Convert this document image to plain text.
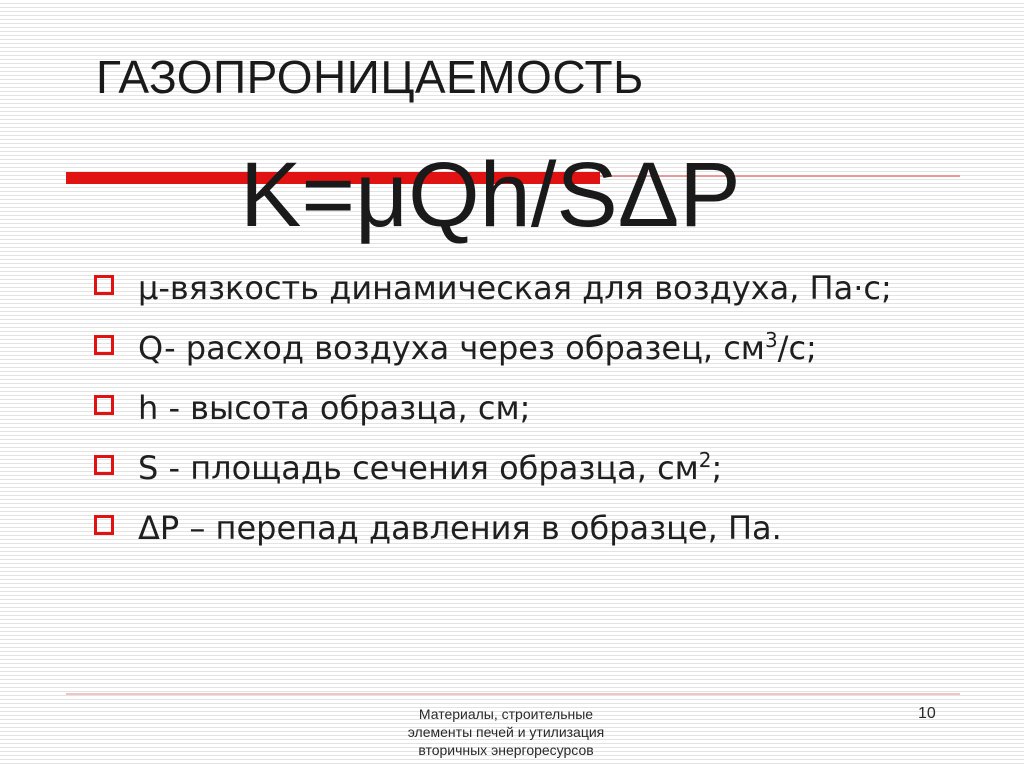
ГАЗОПРОНИЦАЕМОСТЬ
K=μQh/SΔP
μ-вязкость динамическая для воздуха, Па·с;
Q- расход воздуха через образец, $см^3/с$;
h - высота образца, см;
S - площадь сечения образца, $см^2$;
ΔP – перепад давления в образце, Па.
Материалы, строительные
элементы печей и утилизация
вторичных энергоресурсов
10
